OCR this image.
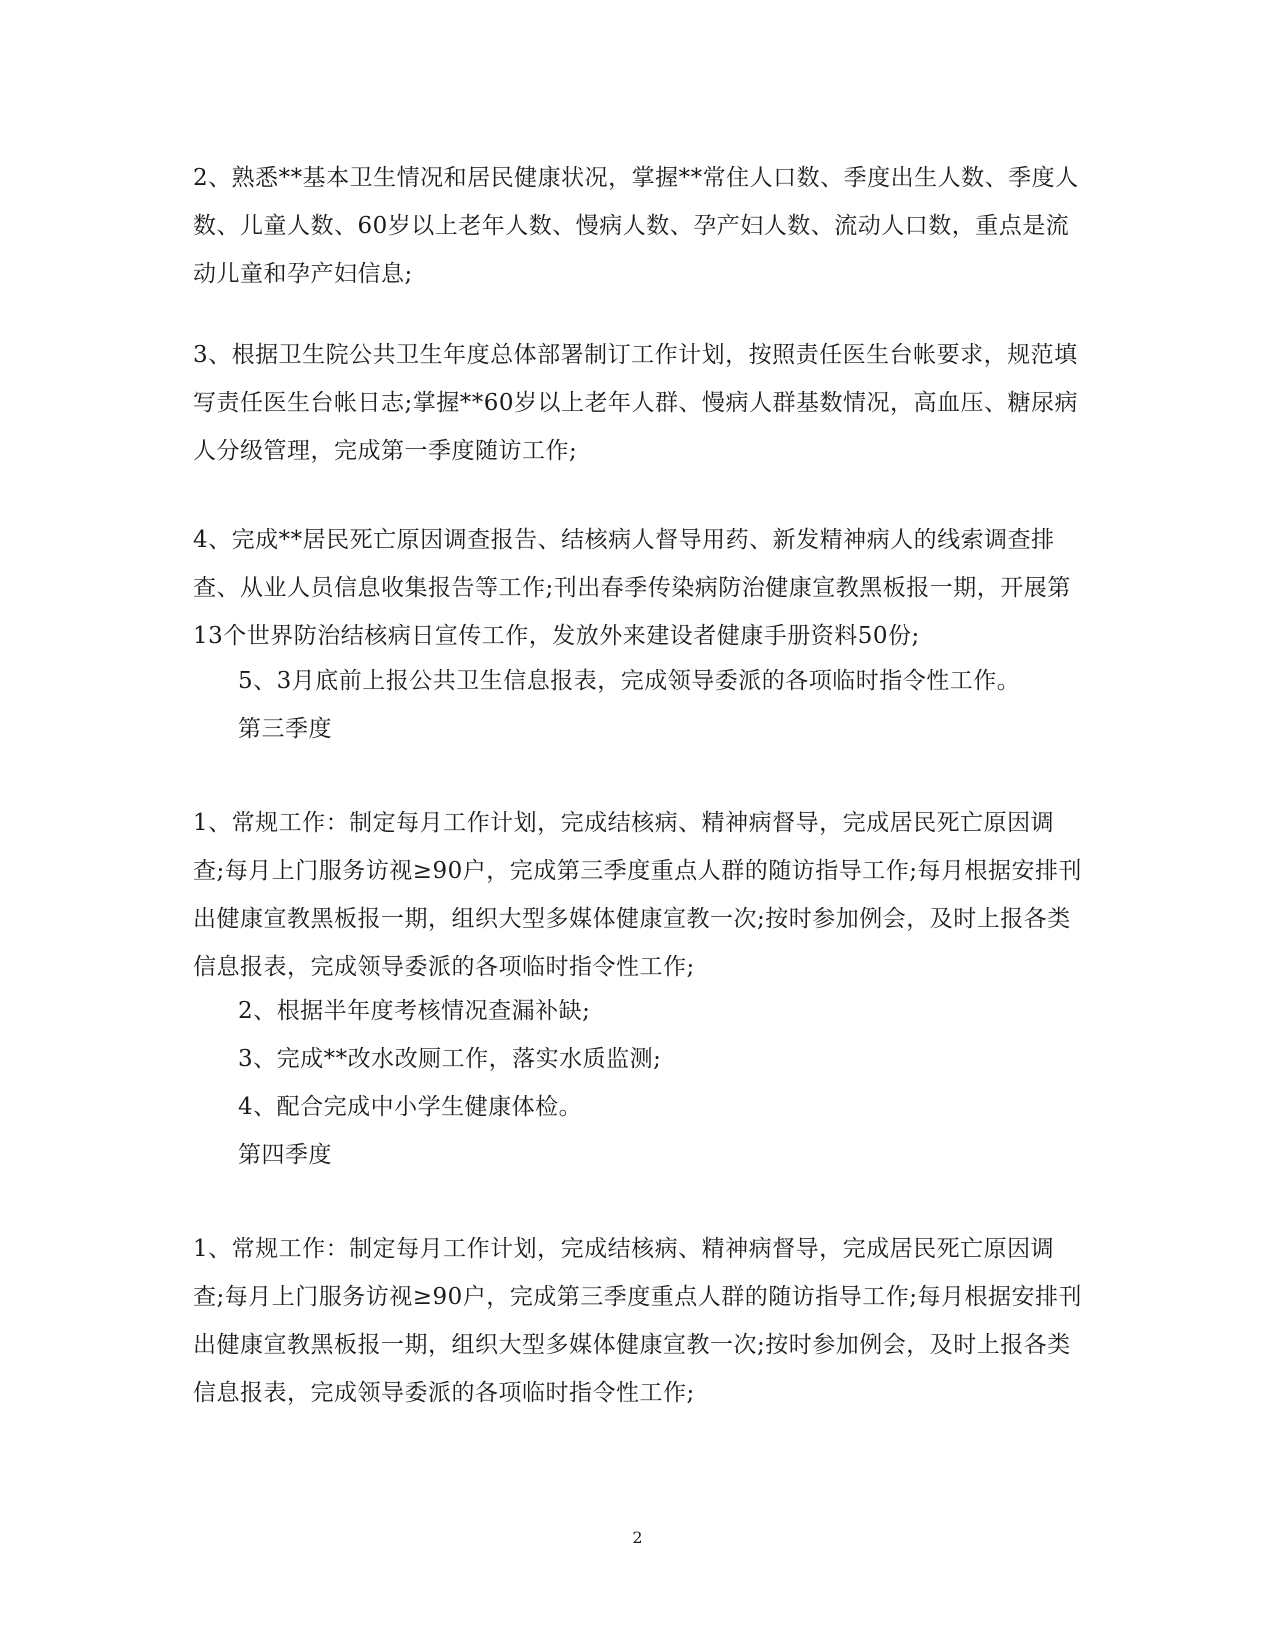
2、熟悉**基本卫生情况和居民健康状况，掌握**常住人口数、季度出生人数、季度人数、儿童人数、60岁以上老年人数、慢病人数、孕产妇人数、流动人口数，重点是流动儿童和孕产妇信息;

3、根据卫生院公共卫生年度总体部署制订工作计划，按照责任医生台帐要求，规范填写责任医生台帐日志;掌握**60岁以上老年人群、慢病人群基数情况，高血压、糖尿病人分级管理，完成第一季度随访工作;

4、完成**居民死亡原因调查报告、结核病人督导用药、新发精神病人的线索调查排查、从业人员信息收集报告等工作;刊出春季传染病防治健康宣教黑板报一期，开展第13个世界防治结核病日宣传工作，发放外来建设者健康手册资料50份;

5、3月底前上报公共卫生信息报表，完成领导委派的各项临时指令性工作。

第三季度

1、常规工作：制定每月工作计划，完成结核病、精神病督导，完成居民死亡原因调查;每月上门服务访视≥90户，完成第三季度重点人群的随访指导工作;每月根据安排刊出健康宣教黑板报一期，组织大型多媒体健康宣教一次;按时参加例会，及时上报各类信息报表，完成领导委派的各项临时指令性工作;

2、根据半年度考核情况查漏补缺;

3、完成**改水改厕工作，落实水质监测;

4、配合完成中小学生健康体检。

第四季度

1、常规工作：制定每月工作计划，完成结核病、精神病督导，完成居民死亡原因调查;每月上门服务访视≥90户，完成第三季度重点人群的随访指导工作;每月根据安排刊出健康宣教黑板报一期，组织大型多媒体健康宣教一次;按时参加例会，及时上报各类信息报表，完成领导委派的各项临时指令性工作;

2
